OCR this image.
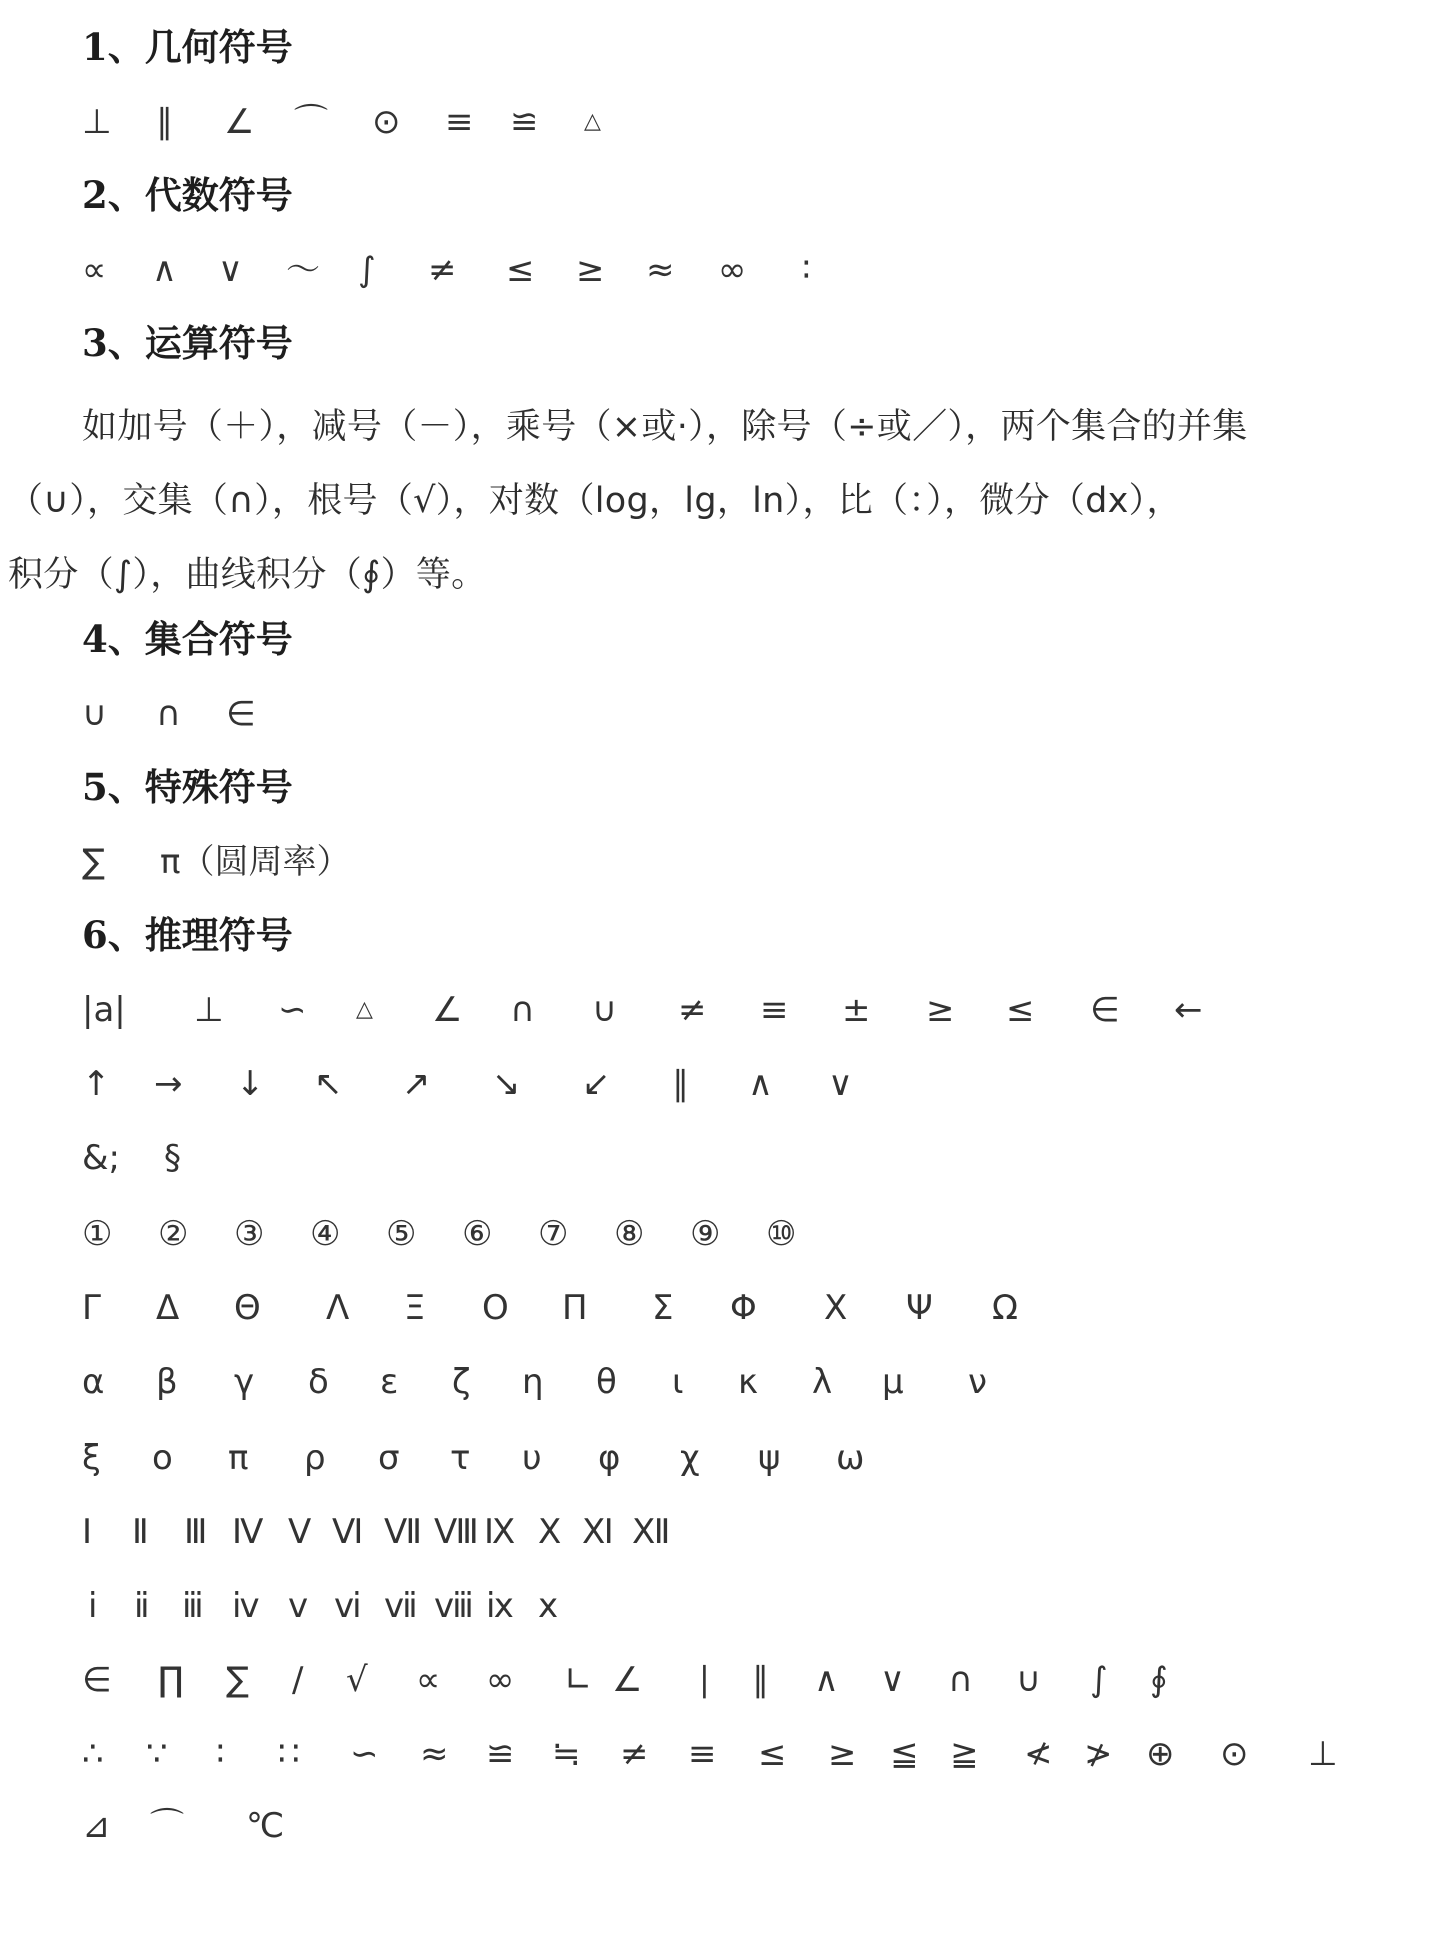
1、几何符号
⊥ ∥ ∠ ⌒ ⊙ ≡ ≌ △
2、代数符号
∝ ∧ ∨ ～ ∫ ≠ ≤ ≥ ≈ ∞ ∶
3、运算符号
如加号（＋），减号（－），乘号（×或·），除号（÷或／），两个集合的并集
（∪），交集（∩），根号（√），对数（log，lg，ln），比（：），微分（dx），
积分（∫），曲线积分（∮）等。
4、集合符号
∪ ∩ ∈
5、特殊符号
∑ π（圆周率）
6、推理符号
|a| ⊥ ∽ △ ∠ ∩ ∪ ≠ ≡ ± ≥ ≤ ∈ ←
↑ → ↓ ↖ ↗ ↘ ↙ ∥ ∧ ∨
&; §
① ② ③ ④ ⑤ ⑥ ⑦ ⑧ ⑨ ⑩
Γ Δ Θ Λ Ξ Ο Π Σ Φ Χ Ψ Ω
α β γ δ ε ζ η θ ι κ λ μ ν
ξ ο π ρ σ τ υ φ χ ψ ω
Ⅰ Ⅱ Ⅲ Ⅳ Ⅴ Ⅵ Ⅶ Ⅷ Ⅸ Ⅹ Ⅺ Ⅻ
ⅰ ⅱ ⅲ ⅳ ⅴ ⅵ ⅶ ⅷ ⅸ ⅹ
∈ ∏ ∑ ∕ √ ∝ ∞ ∟ ∠ ∣ ∥ ∧ ∨ ∩ ∪ ∫ ∮
∴ ∵ ∶ ∷ ∽ ≈ ≌ ≒ ≠ ≡ ≤ ≥ ≦ ≧ ≮ ≯ ⊕ ⊙ ⊥
⊿ ⌒ ℃
